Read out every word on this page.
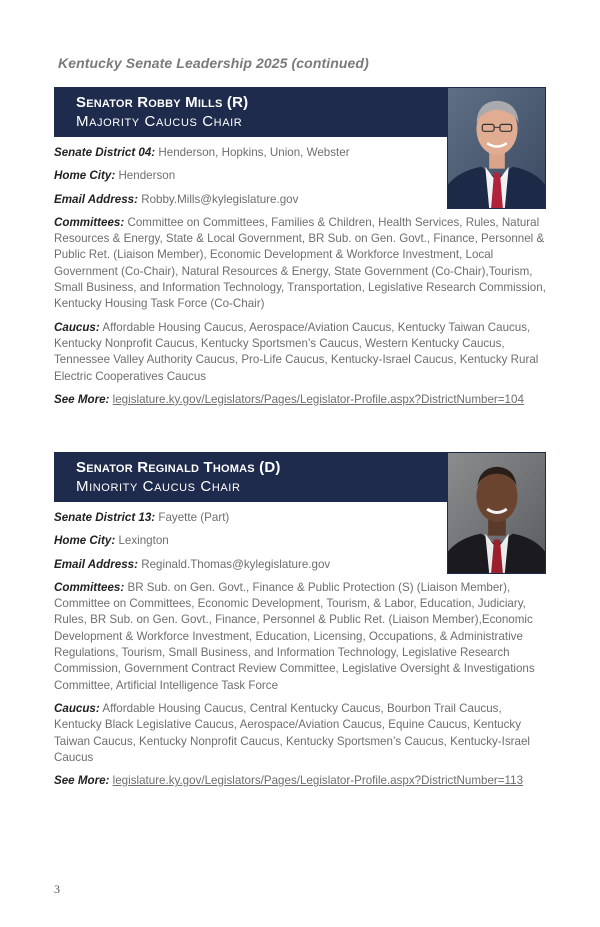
Kentucky Senate Leadership 2025 (continued)
Senator Robby Mills (R)
Majority Caucus Chair

Senate District 04: Henderson, Hopkins, Union, Webster

Home City: Henderson

Email Address: Robby.Mills@kylegislature.gov

Committees: Committee on Committees, Families & Children, Health Services, Rules, Natural Resources & Energy, State & Local Government, BR Sub. on Gen. Govt., Finance, Personnel & Public Ret. (Liaison Member), Economic Development & Workforce Investment, Local Government (Co-Chair), Natural Resources & Energy, State Government (Co-Chair),Tourism, Small Business, and Information Technology, Transportation, Legislative Research Commission, Kentucky Housing Task Force (Co-Chair)

Caucus: Affordable Housing Caucus, Aerospace/Aviation Caucus, Kentucky Taiwan Caucus, Kentucky Nonprofit Caucus, Kentucky Sportsmen’s Caucus, Western Kentucky Caucus, Tennessee Valley Authority Caucus, Pro-Life Caucus, Kentucky-Israel Caucus, Kentucky Rural Electric Cooperatives Caucus

See More: legislature.ky.gov/Legislators/Pages/Legislator-Profile.aspx?DistrictNumber=104

Senator Reginald Thomas (D)
Minority Caucus Chair

Senate District 13: Fayette (Part)

Home City: Lexington

Email Address: Reginald.Thomas@kylegislature.gov

Committees: BR Sub. on Gen. Govt., Finance & Public Protection (S) (Liaison Member), Committee on Committees, Economic Development, Tourism, & Labor, Education, Judiciary, Rules, BR Sub. on Gen. Govt., Finance, Personnel & Public Ret. (Liaison Member),Economic Development & Workforce Investment, Education, Licensing, Occupations, & Administrative Regulations, Tourism, Small Business, and Information Technology, Legislative Research Commission, Government Contract Review Committee, Legislative Oversight & Investigations Committee, Artificial Intelligence Task Force

Caucus: Affordable Housing Caucus, Central Kentucky Caucus, Bourbon Trail Caucus, Kentucky Black Legislative Caucus, Aerospace/Aviation Caucus, Equine Caucus, Kentucky Taiwan Caucus, Kentucky Nonprofit Caucus, Kentucky Sportsmen’s Caucus, Kentucky-Israel Caucus

See More: legislature.ky.gov/Legislators/Pages/Legislator-Profile.aspx?DistrictNumber=113

3
